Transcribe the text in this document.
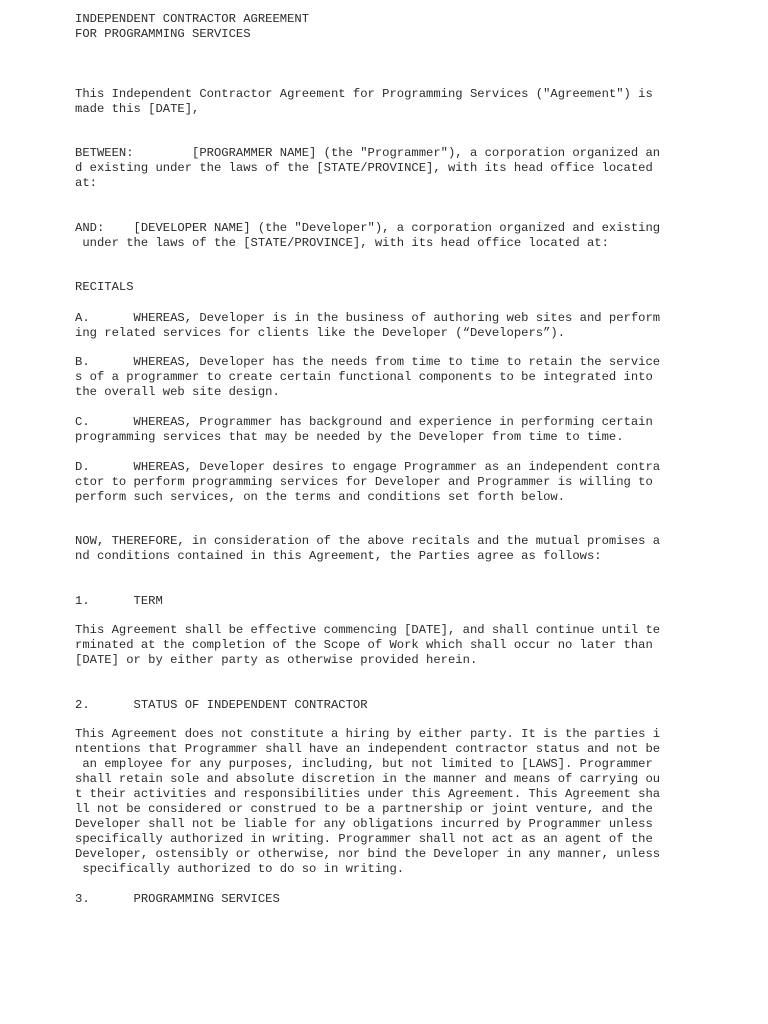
INDEPENDENT CONTRACTOR AGREEMENT

FOR PROGRAMMING SERVICES

This Independent Contractor Agreement for Programming Services ("Agreement") is

made this [DATE],

BETWEEN:        [PROGRAMMER NAME] (the "Programmer"), a corporation organized an

d existing under the laws of the [STATE/PROVINCE], with its head office located

at:

AND:    [DEVELOPER NAME] (the "Developer"), a corporation organized and existing

under the laws of the [STATE/PROVINCE], with its head office located at:

RECITALS

A.      WHEREAS, Developer is in the business of authoring web sites and perform

ing related services for clients like the Developer (“Developers”).

B.      WHEREAS, Developer has the needs from time to time to retain the service

s of a programmer to create certain functional components to be integrated into

the overall web site design.

C.      WHEREAS, Programmer has background and experience in performing certain

programming services that may be needed by the Developer from time to time.

D.      WHEREAS, Developer desires to engage Programmer as an independent contra

ctor to perform programming services for Developer and Programmer is willing to

perform such services, on the terms and conditions set forth below.

NOW, THEREFORE, in consideration of the above recitals and the mutual promises a

nd conditions contained in this Agreement, the Parties agree as follows:

1.      TERM

This Agreement shall be effective commencing [DATE], and shall continue until te

rminated at the completion of the Scope of Work which shall occur no later than

[DATE] or by either party as otherwise provided herein.

2.      STATUS OF INDEPENDENT CONTRACTOR

This Agreement does not constitute a hiring by either party. It is the parties i

ntentions that Programmer shall have an independent contractor status and not be

an employee for any purposes, including, but not limited to [LAWS]. Programmer

shall retain sole and absolute discretion in the manner and means of carrying ou

t their activities and responsibilities under this Agreement. This Agreement sha

ll not be considered or construed to be a partnership or joint venture, and the

Developer shall not be liable for any obligations incurred by Programmer unless

specifically authorized in writing. Programmer shall not act as an agent of the

Developer, ostensibly or otherwise, nor bind the Developer in any manner, unless

specifically authorized to do so in writing.

3.      PROGRAMMING SERVICES
